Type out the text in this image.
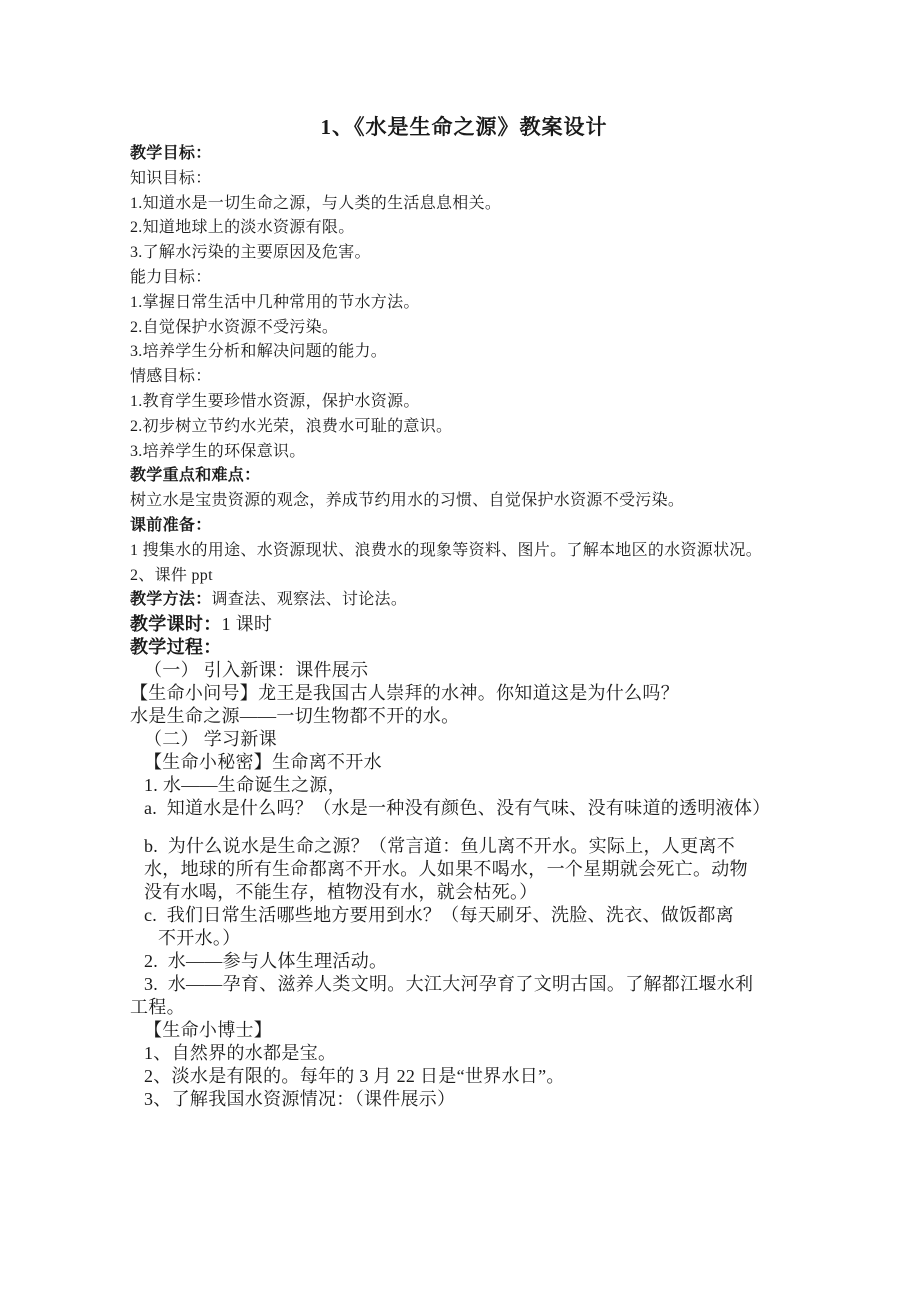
1、《水是生命之源》教案设计

教学目标：

知识目标：

1.知道水是一切生命之源，与人类的生活息息相关。

2.知道地球上的淡水资源有限。

3.了解水污染的主要原因及危害。

能力目标：

1.掌握日常生活中几种常用的节水方法。

2.自觉保护水资源不受污染。

3.培养学生分析和解决问题的能力。

情感目标：

1.教育学生要珍惜水资源，保护水资源。

2.初步树立节约水光荣，浪费水可耻的意识。

3.培养学生的环保意识。

教学重点和难点：

树立水是宝贵资源的观念，养成节约用水的习惯、自觉保护水资源不受污染。

课前准备：

1 搜集水的用途、水资源现状、浪费水的现象等资料、图片。了解本地区的水资源状况。

2、课件 ppt

教学方法：调查法、观察法、讨论法。

教学课时：1 课时

教学过程：

（一） 引入新课：课件展示

【生命小问号】龙王是我国古人崇拜的水神。你知道这是为什么吗？

水是生命之源——一切生物都不开的水。

（二） 学习新课

【生命小秘密】生命离不开水

1. 水——生命诞生之源，

a.  知道水是什么吗？（水是一种没有颜色、没有气味、没有味道的透明液体）

b.  为什么说水是生命之源？（常言道：鱼儿离不开水。实际上，人更离不

水，地球的所有生命都离不开水。人如果不喝水，一个星期就会死亡。动物

没有水喝，不能生存，植物没有水，就会枯死。）

c.  我们日常生活哪些地方要用到水？（每天刷牙、洗脸、洗衣、做饭都离

不开水。）

2.  水——参与人体生理活动。

3.  水——孕育、滋养人类文明。大江大河孕育了文明古国。了解都江堰水利

工程。

【生命小博士】

1、自然界的水都是宝。

2、淡水是有限的。每年的 3 月 22 日是“世界水日”。

3、了解我国水资源情况：（课件展示）
